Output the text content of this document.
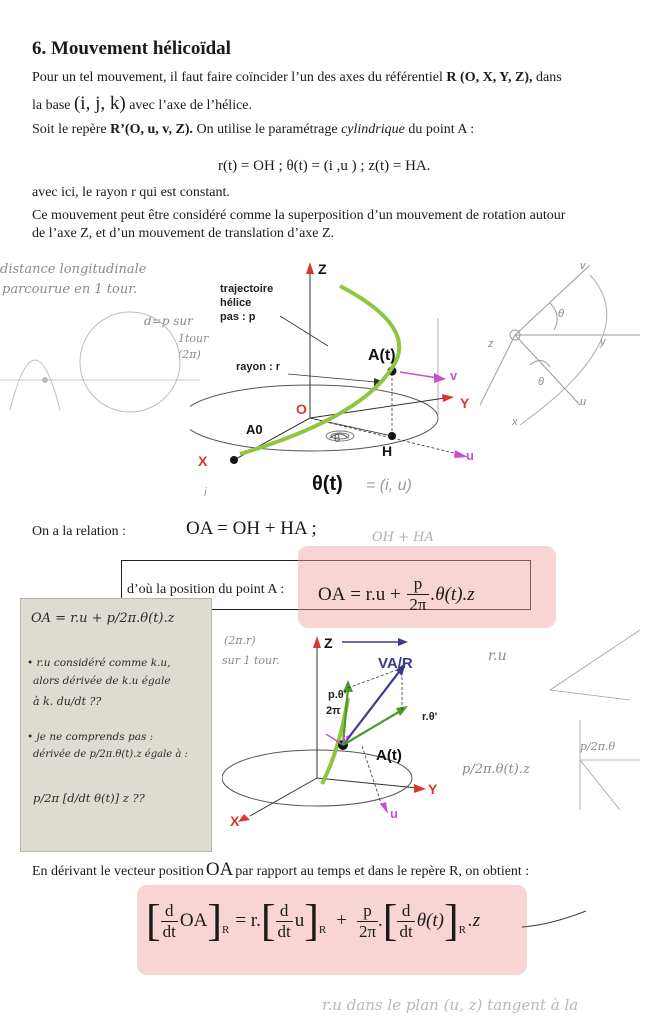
6. Mouvement hélicoïdal
Pour un tel mouvement, il faut faire coïncider l’un des axes du référentiel R (O, X, Y, Z), dans
la base (i, j, k) avec l’axe de l’hélice.
Soit le repère R’(O, u, v, Z). On utilise le paramétrage cylindrique du point A :
r(t) = OH ; θ(t) = (i ,u ) ; z(t) = HA.
avec ici, le rayon r qui est constant.
Ce mouvement peut être considéré comme la superposition d’un mouvement de rotation autour
de l’axe Z, et d’un mouvement de translation d’axe Z.
distance longitudinale
parcourue en 1 tour.
d=p sur
1tour
(2π)
v
θ
y
z
θ
u
x
Z
trajectoire
hélice
pas : p
rayon : r
A(t)
v
O	Y
A0
θ
H
X	u
θ(t) = (i, u)
i
On a la relation :	OA = OH + HA ;	OH + HA
d’où la position du point A : OA = $r.u + \frac{p}{2\pi} .\theta(t).z$
OA = r.u + p/2π.θ(t).z
• r.u considéré comme k.u,
alors dérivée de k.u égale
à k. du/dt ??
• je ne comprends pas :
dérivée de p/2π.θ(t).z égale à :
p/2π [d/dt θ(t)] z ??
(2π.r)
sur 1 tour.	r.u
p/2π.θ(t).z
p/2π.θ
Z
VA/R
p.θ'
2π	r.θ'
v
A(t)
Y
X	u
En dérivant le vecteur position OA par rapport au temps et dans le repère R, on obtient :
[ $\frac{d}{dt}$ OA ] R = r. [ $\frac{d}{dt}$ u ] $R + \frac{p}{2\pi}$ . [ $\frac{d}{dt} \theta(t)$ ] R . z
r.u dans le plan (u, z) tangent à la
